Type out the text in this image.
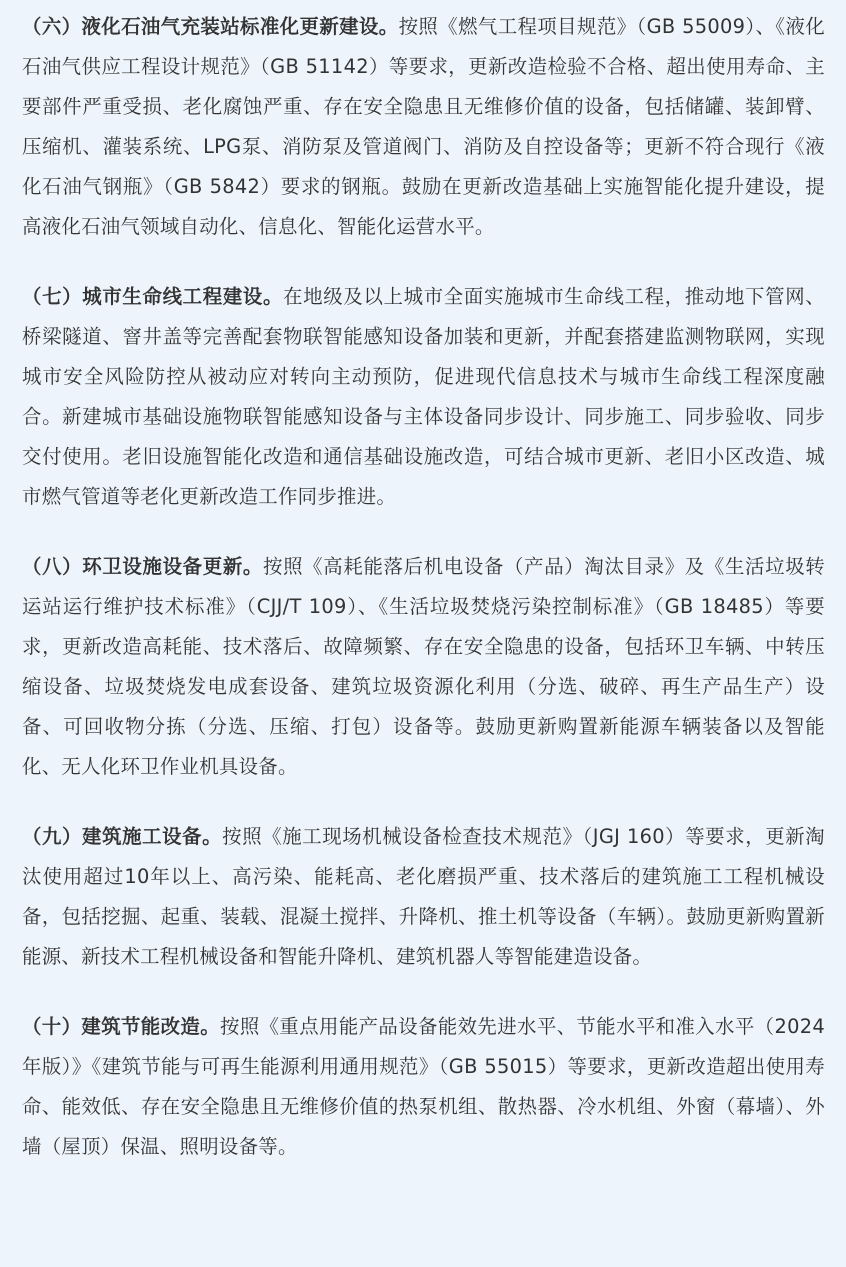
（六）液化石油气充装站标准化更新建设。按照《燃气工程项目规范》（GB 55009）、《液化石油气供应工程设计规范》（GB 51142）等要求，更新改造检验不合格、超出使用寿命、主要部件严重受损、老化腐蚀严重、存在安全隐患且无维修价值的设备，包括储罐、装卸臂、压缩机、灌装系统、LPG泵、消防泵及管道阀门、消防及自控设备等；更新不符合现行《液化石油气钢瓶》（GB 5842）要求的钢瓶。鼓励在更新改造基础上实施智能化提升建设，提高液化石油气领域自动化、信息化、智能化运营水平。

（七）城市生命线工程建设。在地级及以上城市全面实施城市生命线工程，推动地下管网、桥梁隧道、窨井盖等完善配套物联智能感知设备加装和更新，并配套搭建监测物联网，实现城市安全风险防控从被动应对转向主动预防，促进现代信息技术与城市生命线工程深度融合。新建城市基础设施物联智能感知设备与主体设备同步设计、同步施工、同步验收、同步交付使用。老旧设施智能化改造和通信基础设施改造，可结合城市更新、老旧小区改造、城市燃气管道等老化更新改造工作同步推进。

（八）环卫设施设备更新。按照《高耗能落后机电设备（产品）淘汰目录》及《生活垃圾转运站运行维护技术标准》（CJJ/T 109）、《生活垃圾焚烧污染控制标准》（GB 18485）等要求，更新改造高耗能、技术落后、故障频繁、存在安全隐患的设备，包括环卫车辆、中转压缩设备、垃圾焚烧发电成套设备、建筑垃圾资源化利用（分选、破碎、再生产品生产）设备、可回收物分拣（分选、压缩、打包）设备等。鼓励更新购置新能源车辆装备以及智能化、无人化环卫作业机具设备。

（九）建筑施工设备。按照《施工现场机械设备检查技术规范》（JGJ 160）等要求，更新淘汰使用超过10年以上、高污染、能耗高、老化磨损严重、技术落后的建筑施工工程机械设备，包括挖掘、起重、装载、混凝土搅拌、升降机、推土机等设备（车辆）。鼓励更新购置新能源、新技术工程机械设备和智能升降机、建筑机器人等智能建造设备。

（十）建筑节能改造。按照《重点用能产品设备能效先进水平、节能水平和准入水平（2024年版）》《建筑节能与可再生能源利用通用规范》（GB 55015）等要求，更新改造超出使用寿命、能效低、存在安全隐患且无维修价值的热泵机组、散热器、冷水机组、外窗（幕墙）、外墙（屋顶）保温、照明设备等。
